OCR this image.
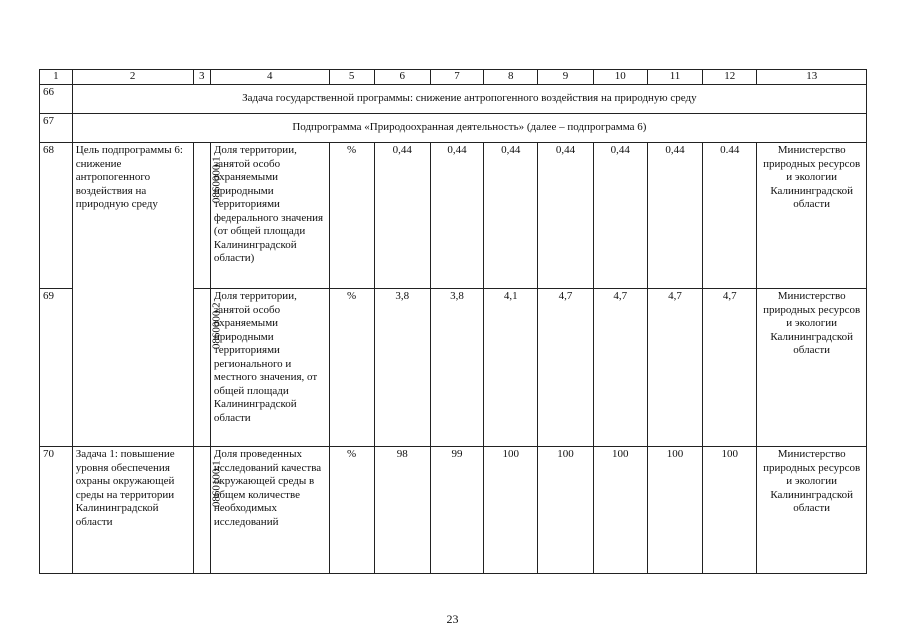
1	2	3	4	5	6	7	8	9	10	11	12	13
66	Задача государственной программы: снижение антропогенного воздействия на природную среду											
67	Подпрограмма «Природоохранная деятельность» (далее – подпрограмма 6)											
68	Цель подпрограммы 6: снижение антропогенного воздействия на природную среду	0860000.1	Доля территории, занятой особо охраняемыми природными территориями федерального значения (от общей площади Калининградской области)	%	0,44	0,44	0,44	0,44	0,44	0,44	0.44	Министерство природных ресурсов и экологии Калининградской области
69		0860000.2	Доля территории, занятой особо охраняемыми природными территориями регионального и местного значения, от общей площади Калининградской области	%	3,8	3,8	4,1	4,7	4,7	4,7	4,7	Министерство природных ресурсов и экологии Калининградской области
70	Задача 1: повышение уровня обеспечения охраны окружающей среды на территории Калининградской области	0860100.1	Доля проведенных исследований качества окружающей среды в общем количестве необходимых исследований	%	98	99	100	100	100	100	100	Министерство природных ресурсов и экологии Калининградской области
23
